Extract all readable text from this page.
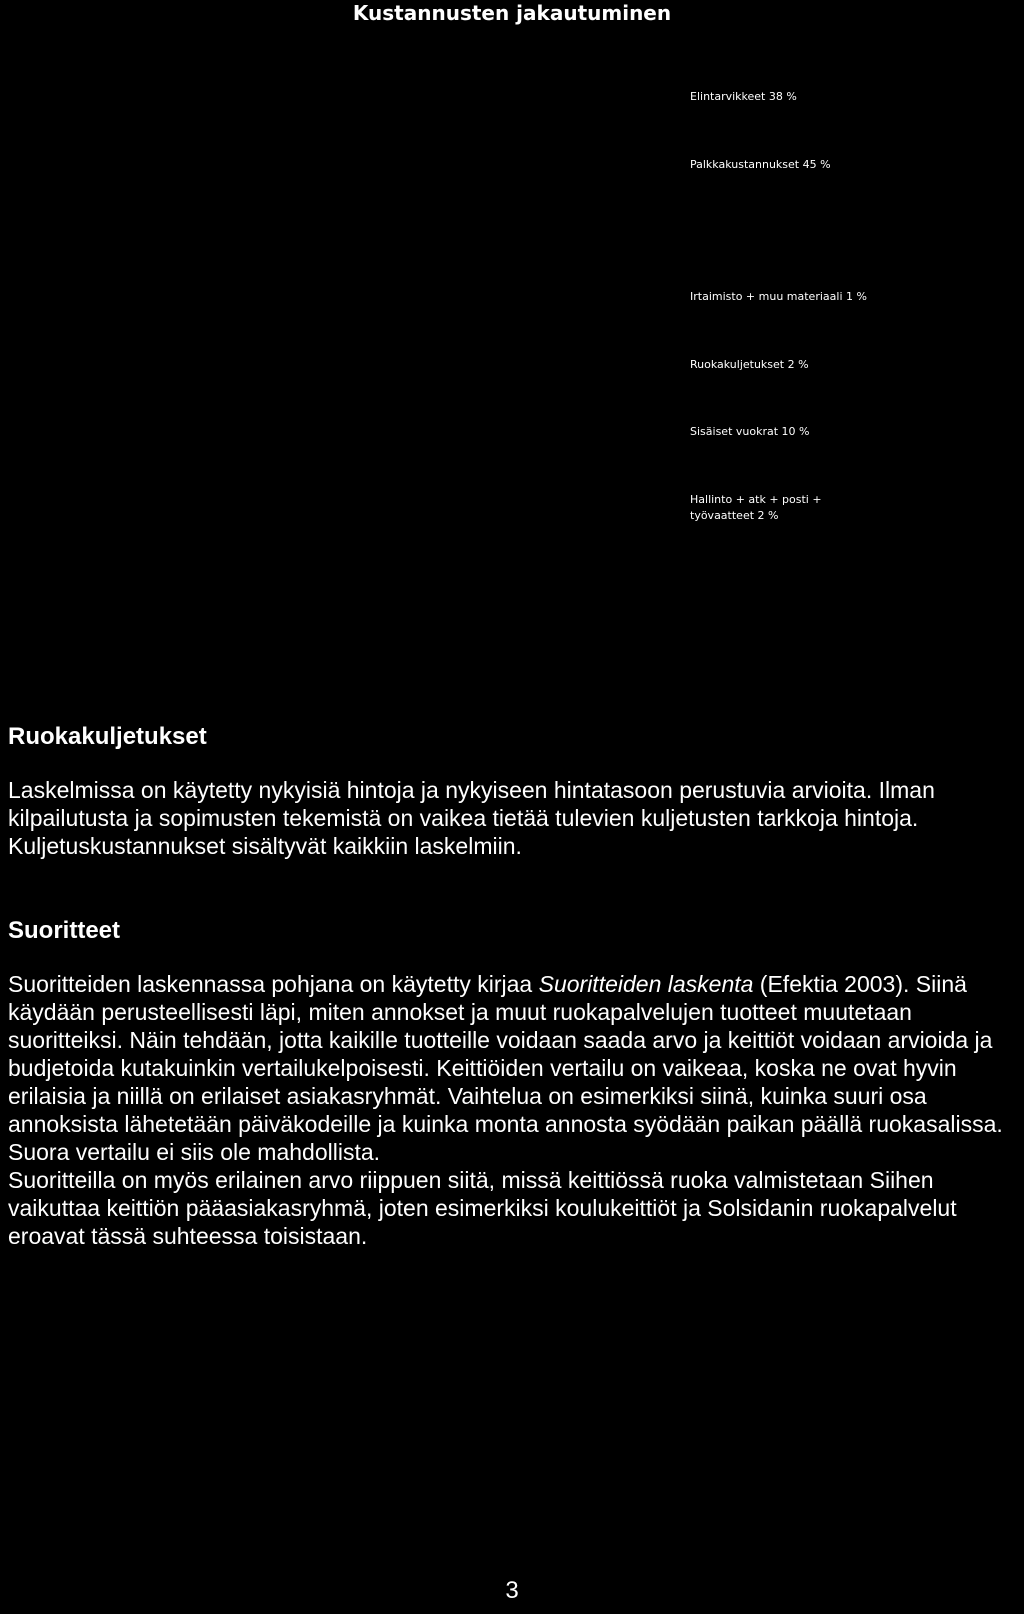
Kustannusten jakautuminen
Elintarvikkeet 38 %
Palkkakustannukset 45 %
Irtaimisto + muu materiaali 1 %
Ruokakuljetukset 2 %
Sisäiset vuokrat 10 %
Hallinto + atk + posti +
työvaatteet 2 %
Ruokakuljetukset

Laskelmissa on käytetty nykyisiä hintoja ja nykyiseen hintatasoon perustuvia arvioita. Ilman kilpailutusta ja sopimusten tekemistä on vaikea tietää tulevien kuljetusten tarkkoja hintoja. Kuljetuskustannukset sisältyvät kaikkiin laskelmiin.

Suoritteet

Suoritteiden laskennassa pohjana on käytetty kirjaa Suoritteiden laskenta (Efektia 2003). Siinä käydään perusteellisesti läpi, miten annokset ja muut ruokapalvelujen tuotteet muutetaan suoritteiksi. Näin tehdään, jotta kaikille tuotteille voidaan saada arvo ja keittiöt voidaan arvioida ja budjetoida kutakuinkin vertailukelpoisesti. Keittiöiden vertailu on vaikeaa, koska ne ovat hyvin erilaisia ja niillä on erilaiset asiakasryhmät. Vaihtelua on esimerkiksi siinä, kuinka suuri osa annoksista lähetetään päiväkodeille ja kuinka monta annosta syödään paikan päällä ruokasalissa. Suora vertailu ei siis ole mahdollista.

Suoritteilla on myös erilainen arvo riippuen siitä, missä keittiössä ruoka valmistetaan Siihen vaikuttaa keittiön pääasiakasryhmä, joten esimerkiksi koulukeittiöt ja Solsidanin ruokapalvelut eroavat tässä suhteessa toisistaan.

3
